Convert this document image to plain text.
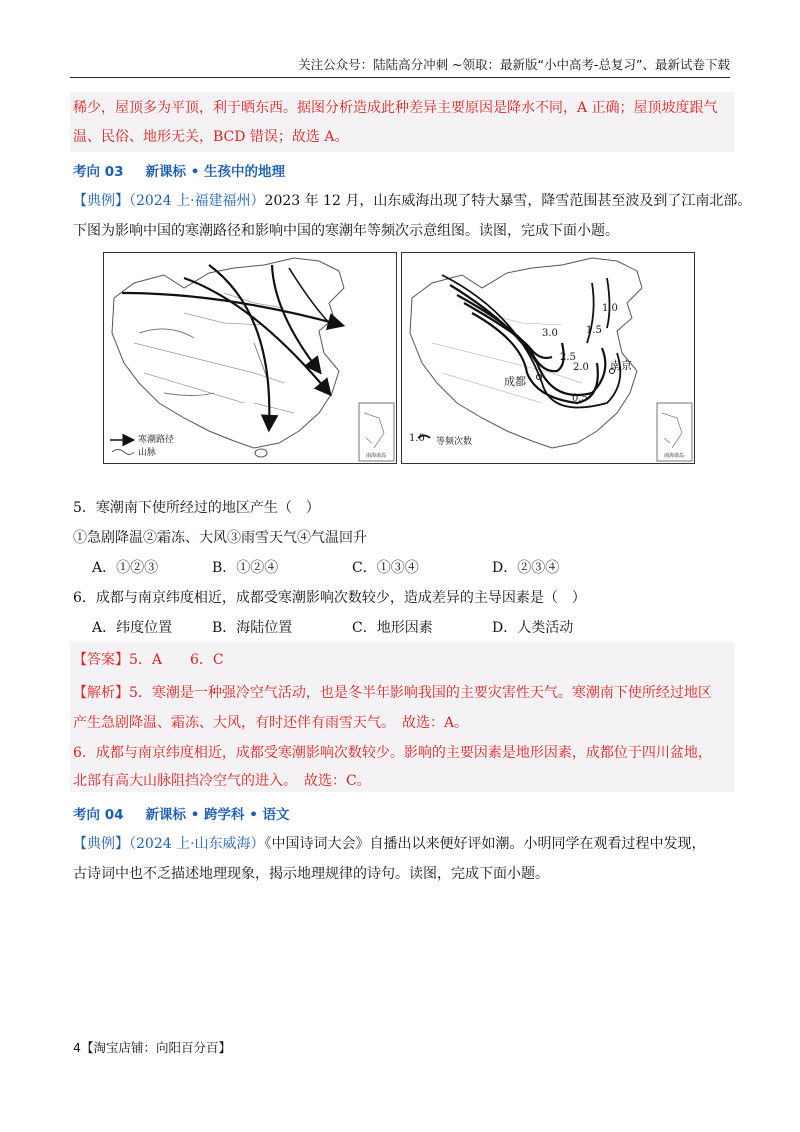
关注公众号：陆陆高分冲刺 ~领取：最新版“小中高考-总复习”、最新试卷下载
稀少，屋顶多为平顶，利于晒东西。据图分析造成此种差异主要原因是降水不同，A 正确；屋顶坡度跟气
温、民俗、地形无关，BCD 错误；故选 A。
考向 03 新课标 • 生孩中的地理
【典例】（2024 上·福建福州）2023 年 12 月，山东威海出现了特大暴雪，降雪范围甚至波及到了江南北部。
下图为影响中国的寒潮路径和影响中国的寒潮年等频次示意组图。读图，完成下面小题。
寒潮路径
山脉	南海诸岛
1.0
1.5
3.0
2.5
2.0
0.5
成都
南京
1.0 等频次数
南海诸岛
5．寒潮南下使所经过的地区产生（　）
①急剧降温②霜冻、大风③雨雪天气④气温回升
A．①②③	B．①②④	C．①③④	D．②③④
6．成都与南京纬度相近，成都受寒潮影响次数较少，造成差异的主导因素是（　）
A．纬度位置	B．海陆位置	C．地形因素	D．人类活动
【答案】5．A　　6．C
【解析】5．寒潮是一种强冷空气活动，也是冬半年影响我国的主要灾害性天气。寒潮南下使所经过地区
产生急剧降温、霜冻、大风，有时还伴有雨雪天气。　故选：A。
6．成都与南京纬度相近，成都受寒潮影响次数较少。影响的主要因素是地形因素，成都位于四川盆地，
北部有高大山脉阻挡冷空气的进入。　故选：C。
考向 04 新课标 • 跨学科 • 语文
【典例】（2024 上·山东威海）《中国诗词大会》自播出以来便好评如潮。小明同学在观看过程中发现，
古诗词中也不乏描述地理现象，揭示地理规律的诗句。读图，完成下面小题。
4【淘宝店铺：向阳百分百】
